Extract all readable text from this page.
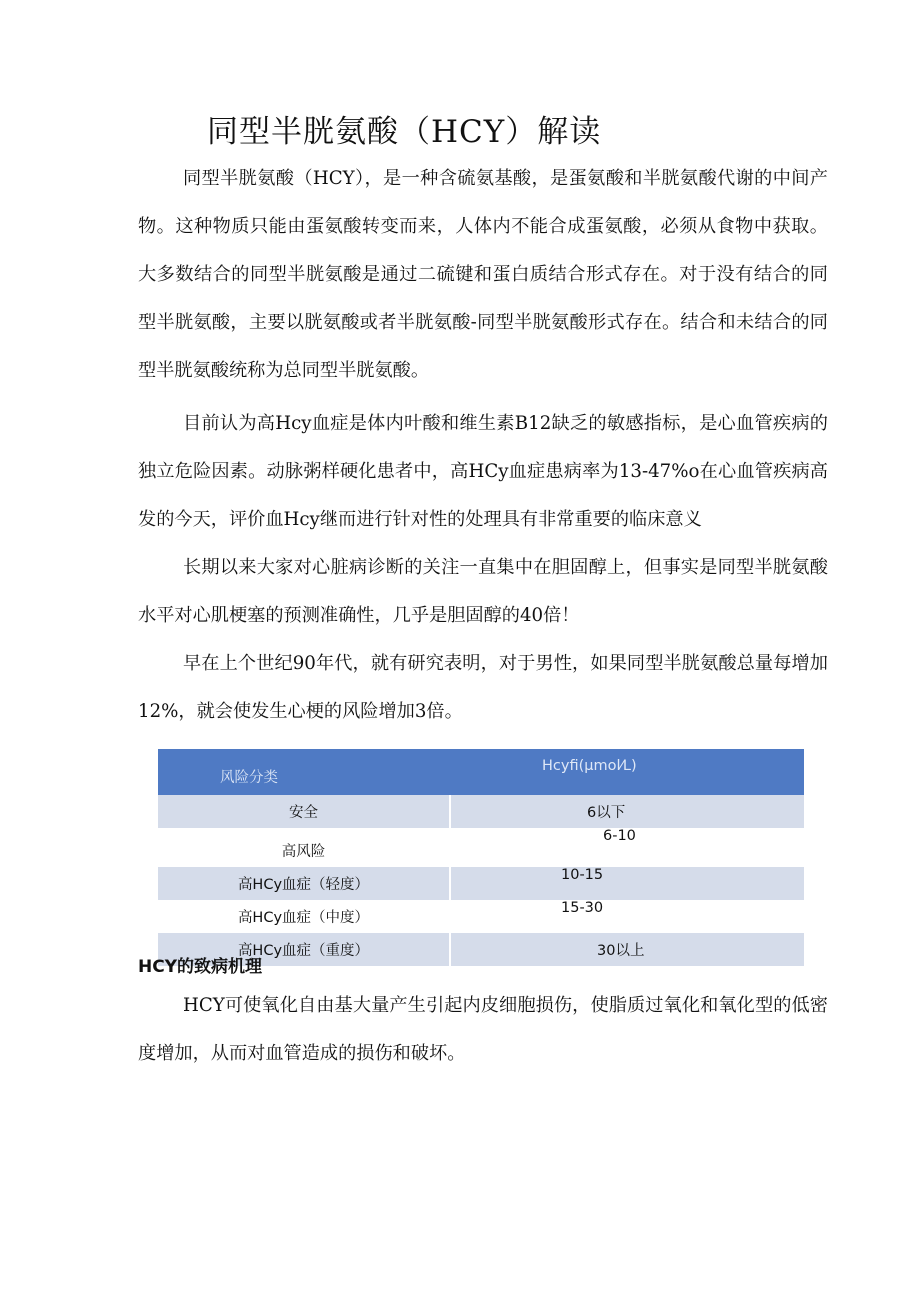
同型半胱氨酸（HCY）解读

同型半胱氨酸（HCY），是一种含硫氨基酸，是蛋氨酸和半胱氨酸代谢的中间产物。这种物质只能由蛋氨酸转变而来，人体内不能合成蛋氨酸，必须从食物中获取。大多数结合的同型半胱氨酸是通过二硫键和蛋白质结合形式存在。对于没有结合的同型半胱氨酸，主要以胱氨酸或者半胱氨酸-同型半胱氨酸形式存在。结合和未结合的同型半胱氨酸统称为总同型半胱氨酸。

目前认为高Hcy血症是体内叶酸和维生素B12缺乏的敏感指标，是心血管疾病的独立危险因素。动脉粥样硬化患者中，高HCy血症患病率为13-47%o在心血管疾病高发的今天，评价血Hcy继而进行针对性的处理具有非常重要的临床意义

长期以来大家对心脏病诊断的关注一直集中在胆固醇上，但事实是同型半胱氨酸水平对心肌梗塞的预测准确性，几乎是胆固醇的40倍！

早在上个世纪90年代，就有研究表明，对于男性，如果同型半胱氨酸总量每增加12%，就会使发生心梗的风险增加3倍。

风险分类	Hcyfi(μmol⁄L)
安全	6以下
高风险	6-10
高HCy血症（轻度）	10-15
高HCy血症（中度）	15-30
高HCy血症（重度）	30以上
HCY的致病机理

HCY可使氧化自由基大量产生引起内皮细胞损伤，使脂质过氧化和氧化型的低密度增加，从而对血管造成的损伤和破坏。
